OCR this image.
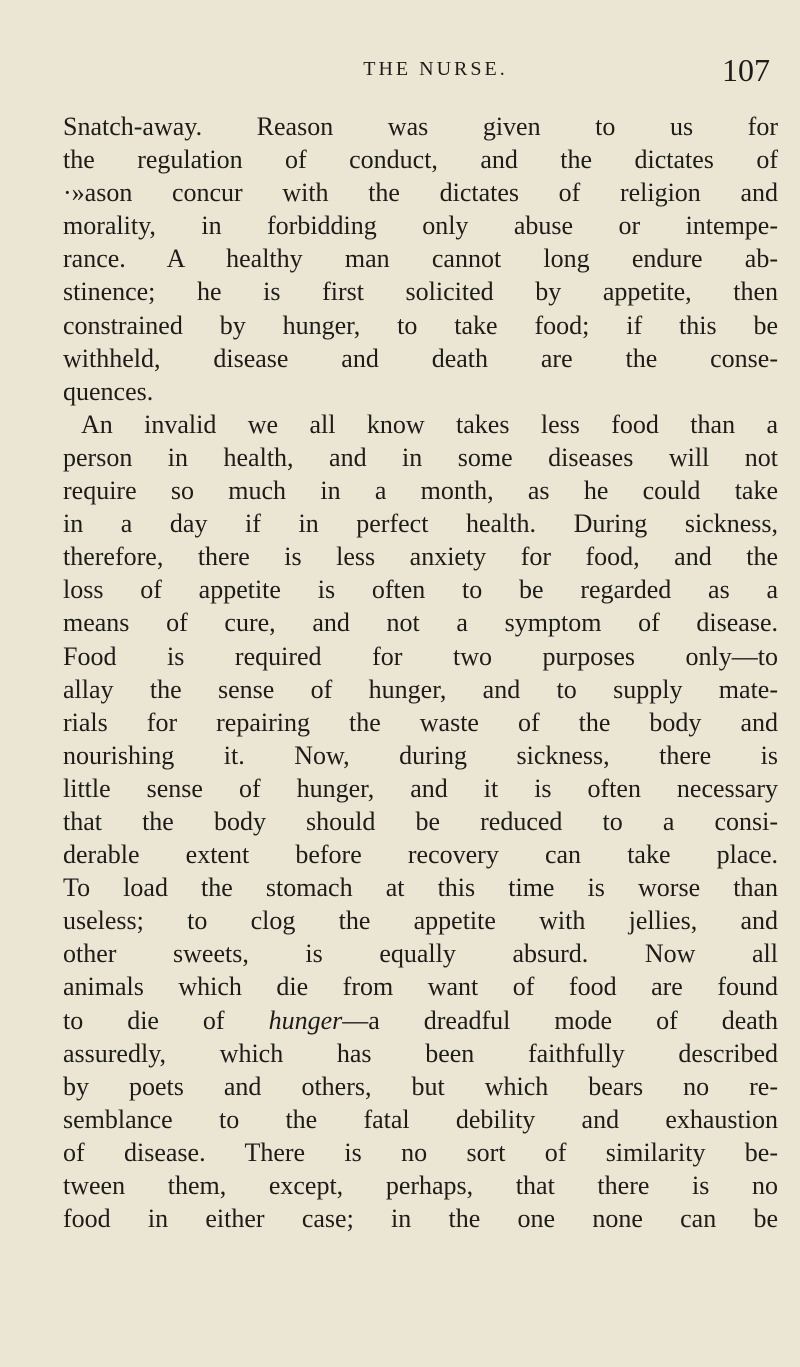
THE NURSE.	107
Snatch-away. Reason was given to us for
the regulation of conduct, and the dictates of
·»ason concur with the dictates of religion and
morality, in forbidding only abuse or intempe-
rance. A healthy man cannot long endure ab-
stinence; he is first solicited by appetite, then
constrained by hunger, to take food; if this be
withheld, disease and death are the conse-
quences.
An invalid we all know takes less food than a
person in health, and in some diseases will not
require so much in a month, as he could take
in a day if in perfect health. During sickness,
therefore, there is less anxiety for food, and the
loss of appetite is often to be regarded as a
means of cure, and not a symptom of disease.
Food is required for two purposes only—to
allay the sense of hunger, and to supply mate-
rials for repairing the waste of the body and
nourishing it. Now, during sickness, there is
little sense of hunger, and it is often necessary
that the body should be reduced to a consi-
derable extent before recovery can take place.
To load the stomach at this time is worse than
useless; to clog the appetite with jellies, and
other sweets, is equally absurd. Now all
animals which die from want of food are found
to die of hunger—a dreadful mode of death
assuredly, which has been faithfully described
by poets and others, but which bears no re-
semblance to the fatal debility and exhaustion
of disease. There is no sort of similarity be-
tween them, except, perhaps, that there is no
food in either case; in the one none can be
